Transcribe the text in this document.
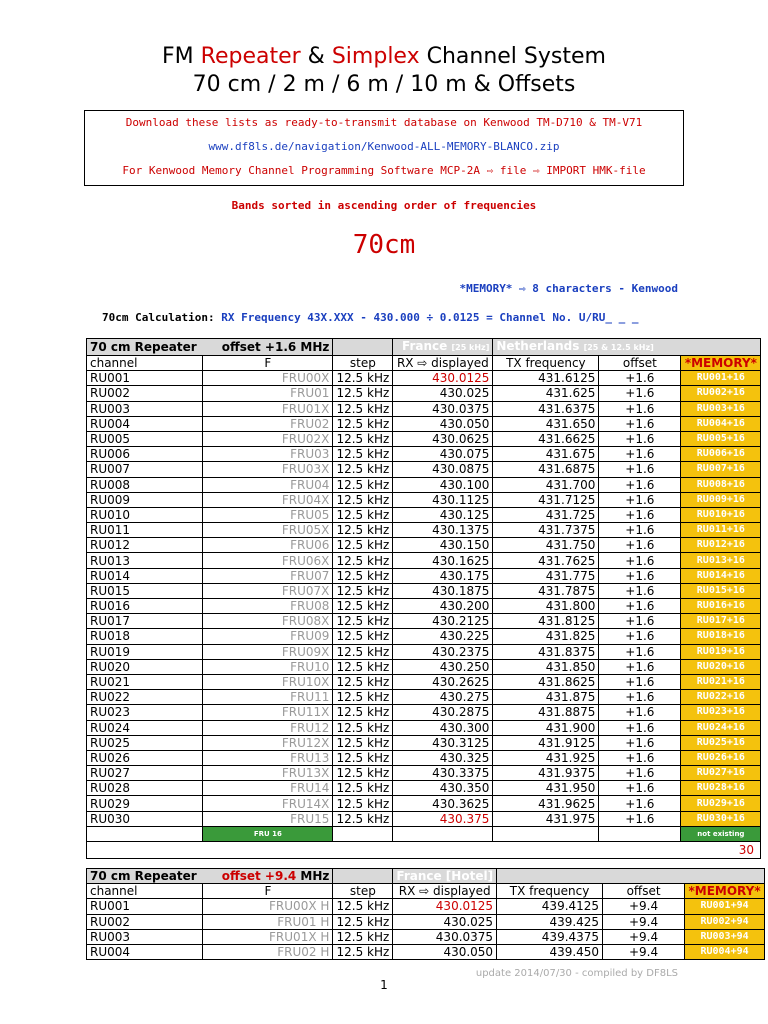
FM Repeater & Simplex Channel System
70 cm / 2 m / 6 m / 10 m & Offsets
Download these lists as ready-to-transmit database on Kenwood TM-D710 & TM-V71
www.df8ls.de/navigation/Kenwood-ALL-MEMORY-BLANCO.zip
For Kenwood Memory Channel Programming Software MCP-2A ⇨ file ⇨ IMPORT HMK-file
Bands sorted in ascending order of frequencies
70cm
*MEMORY* ⇨ 8 characters - Kenwood
70cm Calculation: RX Frequency 43X.XXX - 430.000 ÷ 0.0125 = Channel No. U/RU_ _ _
70 cm Repeater offset +1.6 MHz			France [25 kHz]	Netherlands [25 & 12.5 kHz]		
channel	F	step	RX ⇨ displayed	TX frequency	offset	*MEMORY*
RU001	FRU00X	12.5 kHz	430.0125	431.6125	+1.6	RU001+16
RU002	FRU01	12.5 kHz	430.025	431.625	+1.6	RU002+16
RU003	FRU01X	12.5 kHz	430.0375	431.6375	+1.6	RU003+16
RU004	FRU02	12.5 kHz	430.050	431.650	+1.6	RU004+16
RU005	FRU02X	12.5 kHz	430.0625	431.6625	+1.6	RU005+16
RU006	FRU03	12.5 kHz	430.075	431.675	+1.6	RU006+16
RU007	FRU03X	12.5 kHz	430.0875	431.6875	+1.6	RU007+16
RU008	FRU04	12.5 kHz	430.100	431.700	+1.6	RU008+16
RU009	FRU04X	12.5 kHz	430.1125	431.7125	+1.6	RU009+16
RU010	FRU05	12.5 kHz	430.125	431.725	+1.6	RU010+16
RU011	FRU05X	12.5 kHz	430.1375	431.7375	+1.6	RU011+16
RU012	FRU06	12.5 kHz	430.150	431.750	+1.6	RU012+16
RU013	FRU06X	12.5 kHz	430.1625	431.7625	+1.6	RU013+16
RU014	FRU07	12.5 kHz	430.175	431.775	+1.6	RU014+16
RU015	FRU07X	12.5 kHz	430.1875	431.7875	+1.6	RU015+16
RU016	FRU08	12.5 kHz	430.200	431.800	+1.6	RU016+16
RU017	FRU08X	12.5 kHz	430.2125	431.8125	+1.6	RU017+16
RU018	FRU09	12.5 kHz	430.225	431.825	+1.6	RU018+16
RU019	FRU09X	12.5 kHz	430.2375	431.8375	+1.6	RU019+16
RU020	FRU10	12.5 kHz	430.250	431.850	+1.6	RU020+16
RU021	FRU10X	12.5 kHz	430.2625	431.8625	+1.6	RU021+16
RU022	FRU11	12.5 kHz	430.275	431.875	+1.6	RU022+16
RU023	FRU11X	12.5 kHz	430.2875	431.8875	+1.6	RU023+16
RU024	FRU12	12.5 kHz	430.300	431.900	+1.6	RU024+16
RU025	FRU12X	12.5 kHz	430.3125	431.9125	+1.6	RU025+16
RU026	FRU13	12.5 kHz	430.325	431.925	+1.6	RU026+16
RU027	FRU13X	12.5 kHz	430.3375	431.9375	+1.6	RU027+16
RU028	FRU14	12.5 kHz	430.350	431.950	+1.6	RU028+16
RU029	FRU14X	12.5 kHz	430.3625	431.9625	+1.6	RU029+16
RU030	FRU15	12.5 kHz	430.375	431.975	+1.6	RU030+16
	FRU 16					not existing
30
70 cm Repeater offset +9.4 MHz			France [Hotel]			
channel	F	step	RX ⇨ displayed	TX frequency	offset	*MEMORY*
RU001	FRU00X H	12.5 kHz	430.0125	439.4125	+9.4	RU001+94
RU002	FRU01 H	12.5 kHz	430.025	439.425	+9.4	RU002+94
RU003	FRU01X H	12.5 kHz	430.0375	439.4375	+9.4	RU003+94
RU004	FRU02 H	12.5 kHz	430.050	439.450	+9.4	RU004+94
update 2014/07/30 - compiled by DF8LS
1
